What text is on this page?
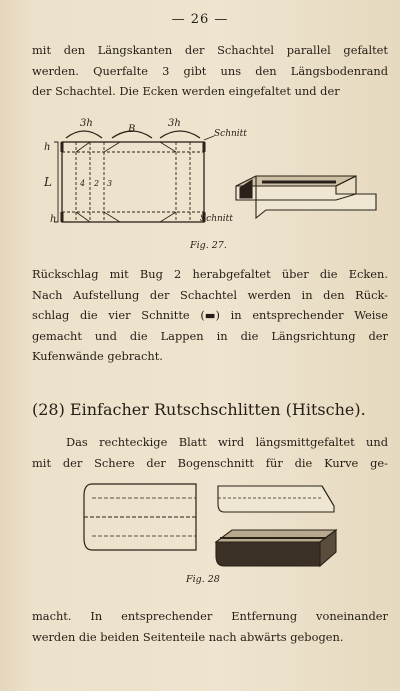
— 26 —
mit den Längskanten der Schachtel parallel gefaltet
werden. Querfalte 3 gibt uns den Längsbodenrand
der Schachtel. Die Ecken werden eingefaltet und der
3h
B
3h
Schnitt
h
L
h	Schnitt
4 2 3
Fig. 27.
Rückschlag mit Bug 2 herabgefaltet über die Ecken.
Nach Aufstellung der Schachtel werden in den Rück-
schlag die vier Schnitte (▬) in entsprechender Weise
gemacht und die Lappen in die Längsrichtung der
Kufenwände gebracht.
(28) Einfacher Rutschschlitten (Hitsche).
Das rechteckige Blatt wird längsmittgefaltet und
mit der Schere der Bogenschnitt für die Kurve ge-
Fig. 28
macht. In entsprechender Entfernung voneinander
werden die beiden Seitenteile nach abwärts gebogen.
